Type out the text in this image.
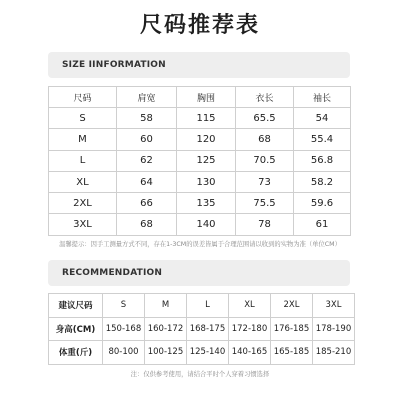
尺码推荐表
SIZE IINFORMATION
尺码	肩宽	胸围	衣长	袖长
S	58	115	65.5	54
M	60	120	68	55.4
L	62	125	70.5	56.8
XL	64	130	73	58.2
2XL	66	135	75.5	59.6
3XL	68	140	78	61
温馨提示：因手工测量方式不同，存在1-3CM的误差皆属于合理范围请以收到的实物为准（单位CM）
RECOMMENDATION
建议尺码	S	M	L	XL	2XL	3XL
身高(CM)	150-168	160-172	168-175	172-180	176-185	178-190
体重(斤)	80-100	100-125	125-140	140-165	165-185	185-210
注：仅供参考使用，请结合平时个人穿着习惯选择
